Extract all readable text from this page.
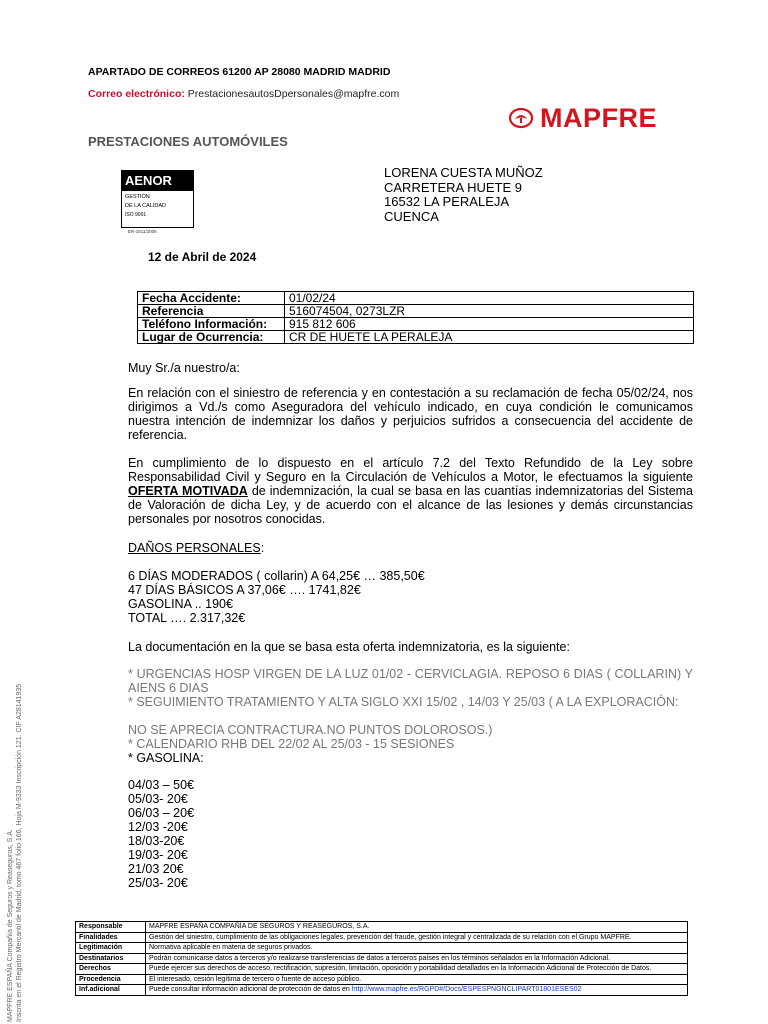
APARTADO DE CORREOS 61200 AP 28080 MADRID MADRID
Correo electrónico: PrestacionesautosDpersonales@mapfre.com
MAPFRE
PRESTACIONES AUTOMÓVILES
AENOR
GESTIÓN
DE LA CALIDAD
ISO 9001
ER-1611/2006
LORENA CUESTA MUÑOZ
CARRETERA HUETE 9
16532 LA PERALEJA
CUENCA
12 de Abril de 2024
Fecha Accidente:	01/02/24
Referencia	516074504, 0273LZR
Teléfono Información:	915 812 606
Lugar de Ocurrencia:	CR DE HUETE LA PERALEJA
Muy Sr./a nuestro/a:
En relación con el siniestro de referencia y en contestación a su reclamación de fecha 05/02/24, nos dirigimos a Vd./s como Aseguradora del vehículo indicado, en cuya condición le comunicamos nuestra intención de indemnizar los daños y perjuicios sufridos a consecuencia del accidente de referencia.
En cumplimiento de lo dispuesto en el artículo 7.2 del Texto Refundido de la Ley sobre Responsabilidad Civil y Seguro en la Circulación de Vehículos a Motor, le efectuamos la siguiente OFERTA MOTIVADA de indemnización, la cual se basa en las cuantías indemnizatorias del Sistema de Valoración de dicha Ley, y de acuerdo con el alcance de las lesiones y demás circunstancias personales por nosotros conocidas.
DAÑOS PERSONALES:
6 DÍAS MODERADOS ( collarin) A 64,25€ … 385,50€
47 DÍAS BÁSICOS A 37,06€ …. 1741,82€
GASOLINA .. 190€
TOTAL …. 2.317,32€
La documentación en la que se basa esta oferta indemnizatoria, es la siguiente:
* URGENCIAS HOSP VIRGEN DE LA LUZ 01/02 - CERVICLAGIA. REPOSO 6 DIAS ( COLLARIN) Y AIENS 6 DIAS
* SEGUIMIENTO TRATAMIENTO Y ALTA SIGLO XXI 15/02 , 14/03 Y 25/03 ( A LA EXPLORACIÓN:
NO SE APRECIA CONTRACTURA.NO PUNTOS DOLOROSOS.)
* CALENDARIO RHB DEL 22/02 AL 25/03 - 15 SESIONES
* GASOLINA:
04/03 – 50€
05/03- 20€
06/03 – 20€
12/03 -20€
18/03-20€
19/03- 20€
21/03 20€
25/03- 20€
Responsable	MAPFRE ESPAÑA COMPAÑÍA DE SEGUROS Y REASEGUROS, S.A.
Finalidades	Gestión del siniestro, cumplimiento de las obligaciones legales, prevención del fraude, gestión integral y centralizada de su relación con el Grupo MAPFRE.
Legitimación	Normativa aplicable en materia de seguros privados.
Destinatarios	Podrán comunicarse datos a terceros y/o realizarse transferencias de datos a terceros países en los términos señalados en la Información Adicional.
Derechos	Puede ejercer sus derechos de acceso, rectificación, supresión, limitación, oposición y portabilidad detallados en la Información Adicional de Protección de Datos.
Procedencia	El interesado, cesión legítima de tercero o fuente de acceso público.
Inf.adicional	Puede consultar información adicional de protección de datos en http://www.mapfre.es/RGPD#/Docs/ESPESPNGNCLIPART01801ESES02
MAPFRE ESPAÑA Compañía de Seguros y Reaseguros, S.A. Inscrita en el Registro Mercantil de Madrid, tomo 467 folio 166, Hoja M-9333 Inscripción 121. CIF A28141935
